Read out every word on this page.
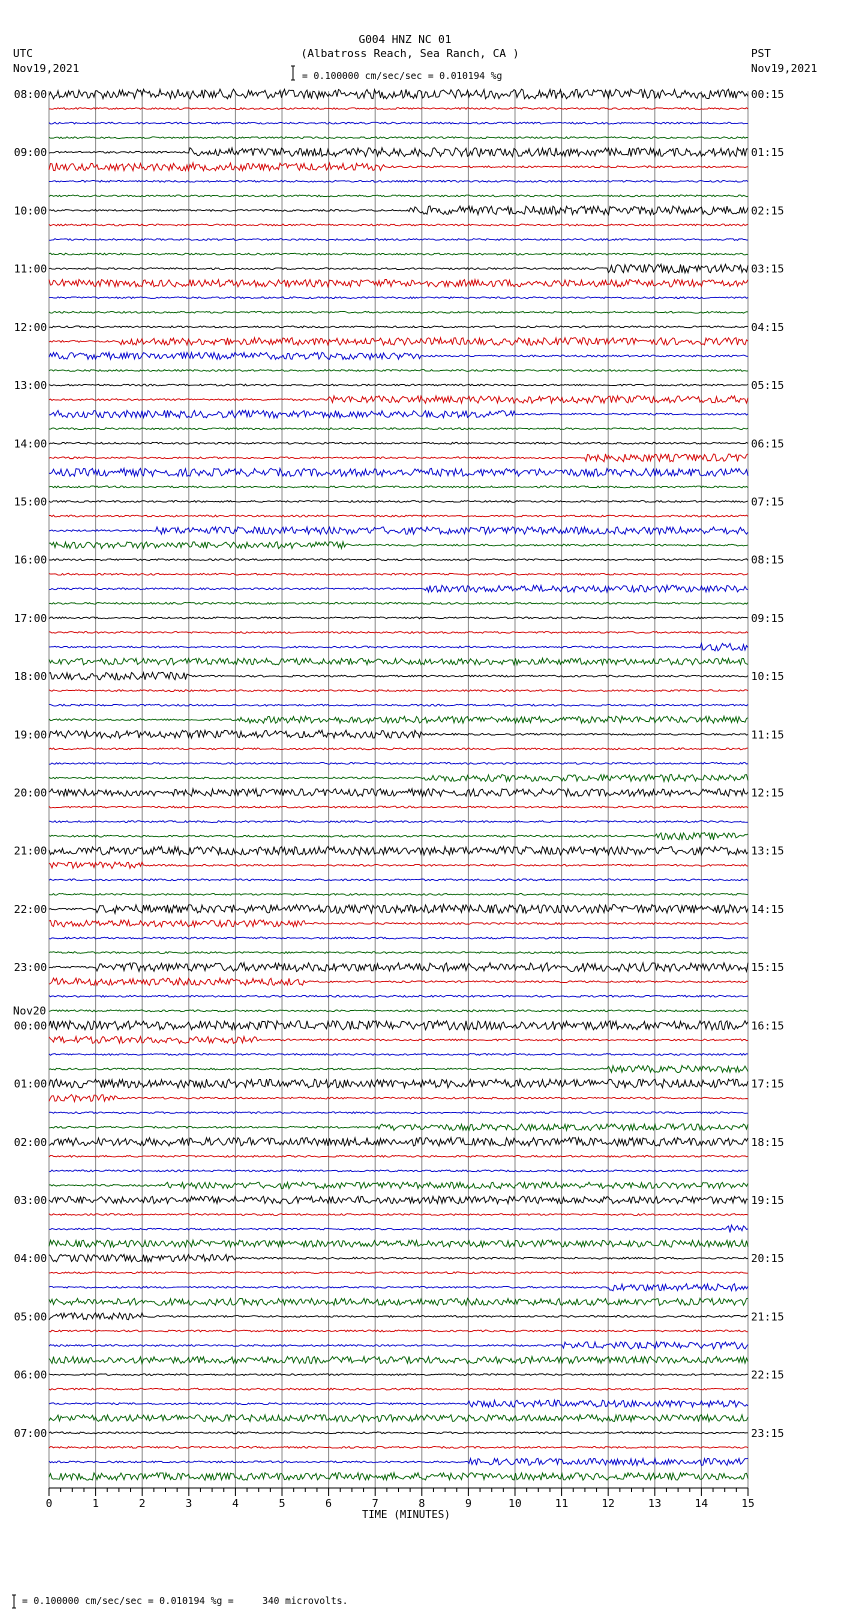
G004 HNZ NC 01
(Albatross Reach, Sea Ranch, CA )
UTC
Nov19,2021
PST
Nov19,2021
= 0.100000 cm/sec/sec = 0.010194 %g
08:00	00:15
09:00	01:15
10:00	02:15
11:00	03:15
12:00	04:15
13:00	05:15
14:00	06:15
15:00	07:15
16:00	08:15
17:00	09:15
18:00	10:15
19:00	11:15
20:00	12:15
21:00	13:15
22:00	14:15
23:00	15:15
00:00	16:15
01:00	17:15
02:00	18:15
03:00	19:15
04:00	20:15
05:00	21:15
06:00	22:15
07:00	23:15
Nov20
0	1	2	3	4	5	6	7	8	9	10	11	12	13	14	15
TIME (MINUTES)
= 0.100000 cm/sec/sec = 0.010194 %g =     340 microvolts.
